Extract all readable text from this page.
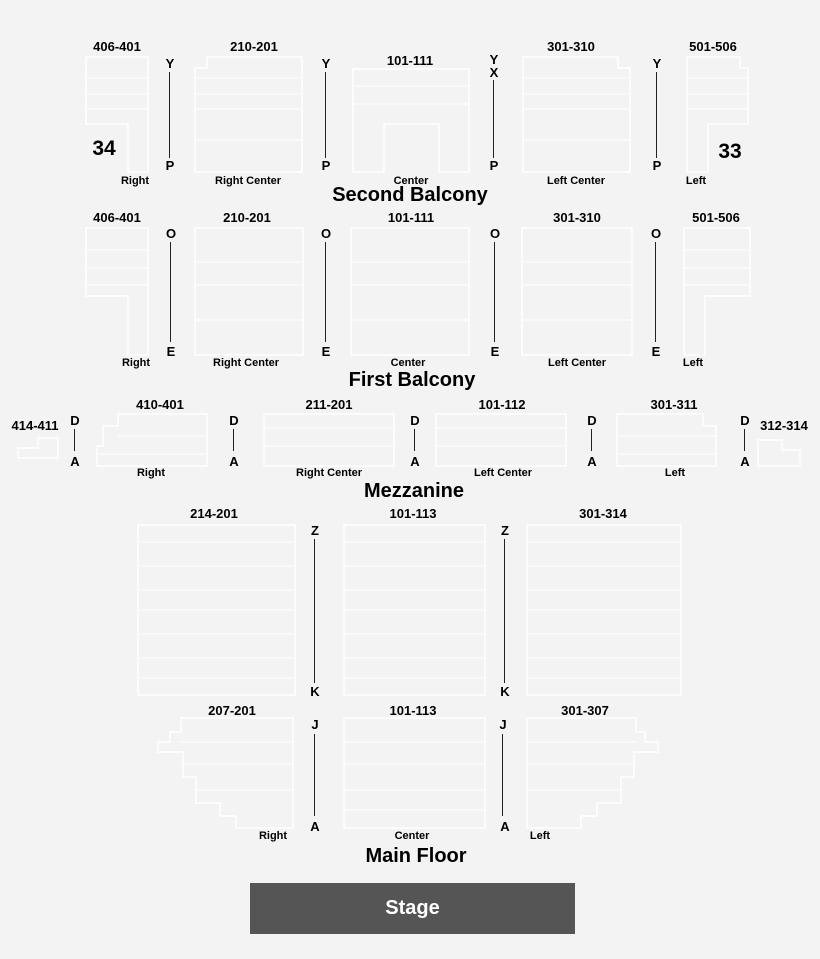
406-401	210-201
101-111
301-310	501-506
Y	Y	Y
X
Y
P	P	P	P
34	33
Right	Right Center	Center	Left Center	Left
Second Balcony
406-401	210-201	101-111	301-310	501-506
O	O	O	O
E	E	E	E
Right	Right Center	Center	Left Center	Left
First Balcony
414-411
410-401	211-201	101-112	301-311
312-314
D	D	D	D	D
A	A	A	A	A
Right	Right Center	Left Center	Left
Mezzanine
214-201	101-113	301-314
Z	Z
K	K
207-201	101-113	301-307
J	J
A	A
Right	Center	Left
Main Floor
Stage
